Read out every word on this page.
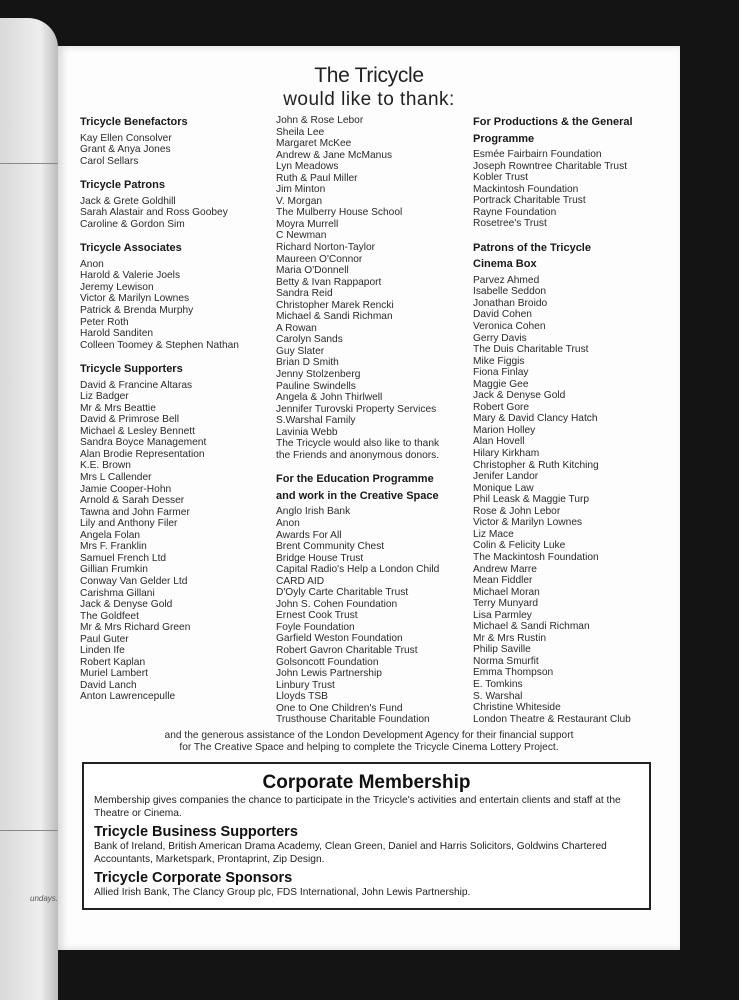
undays.
The Tricycle
would like to thank:
Tricycle Benefactors
Kay Ellen Consolver
Grant & Anya Jones
Carol Sellars
Tricycle Patrons
Jack & Grete Goldhill
Sarah Alastair and Ross Goobey
Caroline & Gordon Sim
Tricycle Associates
Anon
Harold & Valerie Joels
Jeremy Lewison
Victor & Marilyn Lownes
Patrick & Brenda Murphy
Peter Roth
Harold Sanditen
Colleen Toomey & Stephen Nathan
Tricycle Supporters
David & Francine Altaras
Liz Badger
Mr & Mrs Beattie
David & Primrose Bell
Michael & Lesley Bennett
Sandra Boyce Management
Alan Brodie Representation
K.E. Brown
Mrs L Callender
Jamie Cooper-Hohn
Arnold & Sarah Desser
Tawna and John Farmer
Lily and Anthony Filer
Angela Folan
Mrs F. Franklin
Samuel French Ltd
Gillian Frumkin
Conway Van Gelder Ltd
Carishma Gillani
Jack & Denyse Gold
The Goldfeet
Mr & Mrs Richard Green
Paul Guter
Linden Ife
Robert Kaplan
Muriel Lambert
David Lanch
Anton Lawrencepulle
John & Rose Lebor
Sheila Lee
Margaret McKee
Andrew & Jane McManus
Lyn Meadows
Ruth & Paul Miller
Jim Minton
V. Morgan
The Mulberry House School
Moyra Murrell
C Newman
Richard Norton-Taylor
Maureen O'Connor
Maria O'Donnell
Betty & Ivan Rappaport
Sandra Reid
Christopher Marek Rencki
Michael & Sandi Richman
A Rowan
Carolyn Sands
Guy Slater
Brian D Smith
Jenny Stolzenberg
Pauline Swindells
Angela & John Thirlwell
Jennifer Turovski Property Services
S.Warshal Family
Lavinia Webb
The Tricycle would also like to thank
the Friends and anonymous donors.
For the Education Programme
and work in the Creative Space
Anglo Irish Bank
Anon
Awards For All
Brent Community Chest
Bridge House Trust
Capital Radio's Help a London Child
CARD AID
D'Oyly Carte Charitable Trust
John S. Cohen Foundation
Ernest Cook Trust
Foyle Foundation
Garfield Weston Foundation
Robert Gavron Charitable Trust
Golsoncott Foundation
John Lewis Partnership
Linbury Trust
Lloyds TSB
One to One Children's Fund
Trusthouse Charitable Foundation
For Productions & the General
Programme
Esmée Fairbairn Foundation
Joseph Rowntree Charitable Trust
Kobler Trust
Mackintosh Foundation
Portrack Charitable Trust
Rayne Foundation
Rosetree's Trust
Patrons of the Tricycle
Cinema Box
Parvez Ahmed
Isabelle Seddon
Jonathan Broido
David Cohen
Veronica Cohen
Gerry Davis
The Duis Charitable Trust
Mike Figgis
Fiona Finlay
Maggie Gee
Jack & Denyse Gold
Robert Gore
Mary & David Clancy Hatch
Marion Holley
Alan Hovell
Hilary Kirkham
Christopher & Ruth Kitching
Jenifer Landor
Monique Law
Phil Leask & Maggie Turp
Rose & John Lebor
Victor & Marilyn Lownes
Liz Mace
Colin & Felicity Luke
The Mackintosh Foundation
Andrew Marre
Mean Fiddler
Michael Moran
Terry Munyard
Lisa Parmley
Michael & Sandi Richman
Mr & Mrs Rustin
Philip Saville
Norma Smurfit
Emma Thompson
E. Tomkins
S. Warshal
Christine Whiteside
London Theatre & Restaurant Club
and the generous assistance of the London Development Agency for their financial support
for The Creative Space and helping to complete the Tricycle Cinema Lottery Project.
Corporate Membership
Membership gives companies the chance to participate in the Tricycle's activities and entertain clients and staff at the Theatre or Cinema.
Tricycle Business Supporters
Bank of Ireland, British American Drama Academy, Clean Green, Daniel and Harris Solicitors, Goldwins Chartered Accountants, Marketspark, Prontaprint, Zip Design.
Tricycle Corporate Sponsors
Allied Irish Bank, The Clancy Group plc, FDS International, John Lewis Partnership.
